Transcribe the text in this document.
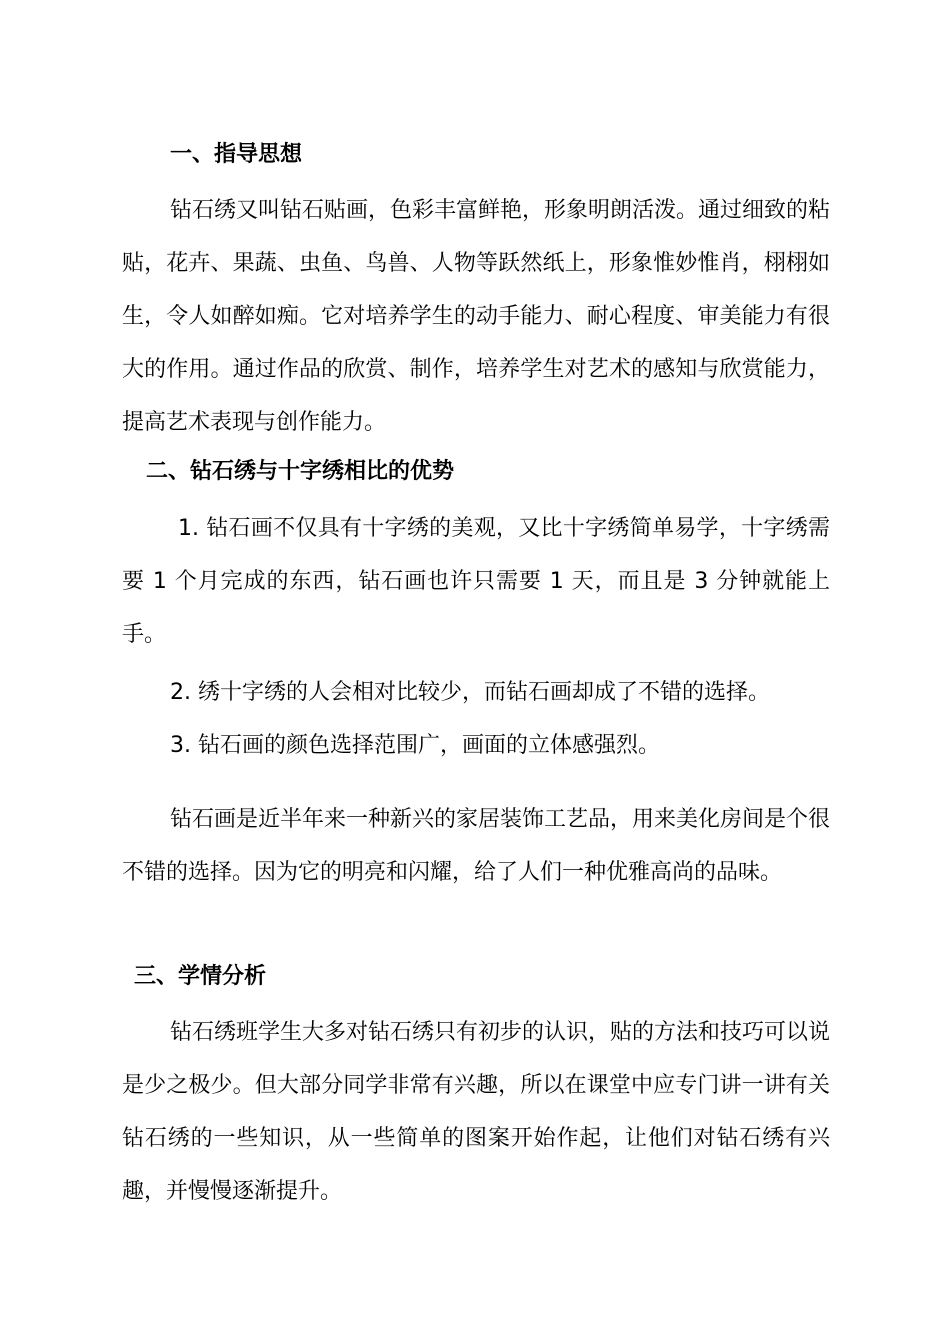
一、指导思想

钻石绣又叫钻石贴画，色彩丰富鲜艳，形象明朗活泼。通过细致的粘贴，花卉、果蔬、虫鱼、鸟兽、人物等跃然纸上，形象惟妙惟肖，栩栩如生，令人如醉如痴。它对培养学生的动手能力、耐心程度、审美能力有很大的作用。通过作品的欣赏、制作，培养学生对艺术的感知与欣赏能力，提高艺术表现与创作能力。

二、钻石绣与十字绣相比的优势

1. 钻石画不仅具有十字绣的美观，又比十字绣简单易学，十字绣需要 1 个月完成的东西，钻石画也许只需要 1 天，而且是 3 分钟就能上手。

2. 绣十字绣的人会相对比较少，而钻石画却成了不错的选择。

3. 钻石画的颜色选择范围广，画面的立体感强烈。

钻石画是近半年来一种新兴的家居装饰工艺品，用来美化房间是个很不错的选择。因为它的明亮和闪耀，给了人们一种优雅高尚的品味。

三、学情分析

钻石绣班学生大多对钻石绣只有初步的认识，贴的方法和技巧可以说是少之极少。但大部分同学非常有兴趣，所以在课堂中应专门讲一讲有关钻石绣的一些知识，从一些简单的图案开始作起，让他们对钻石绣有兴趣，并慢慢逐渐提升。
